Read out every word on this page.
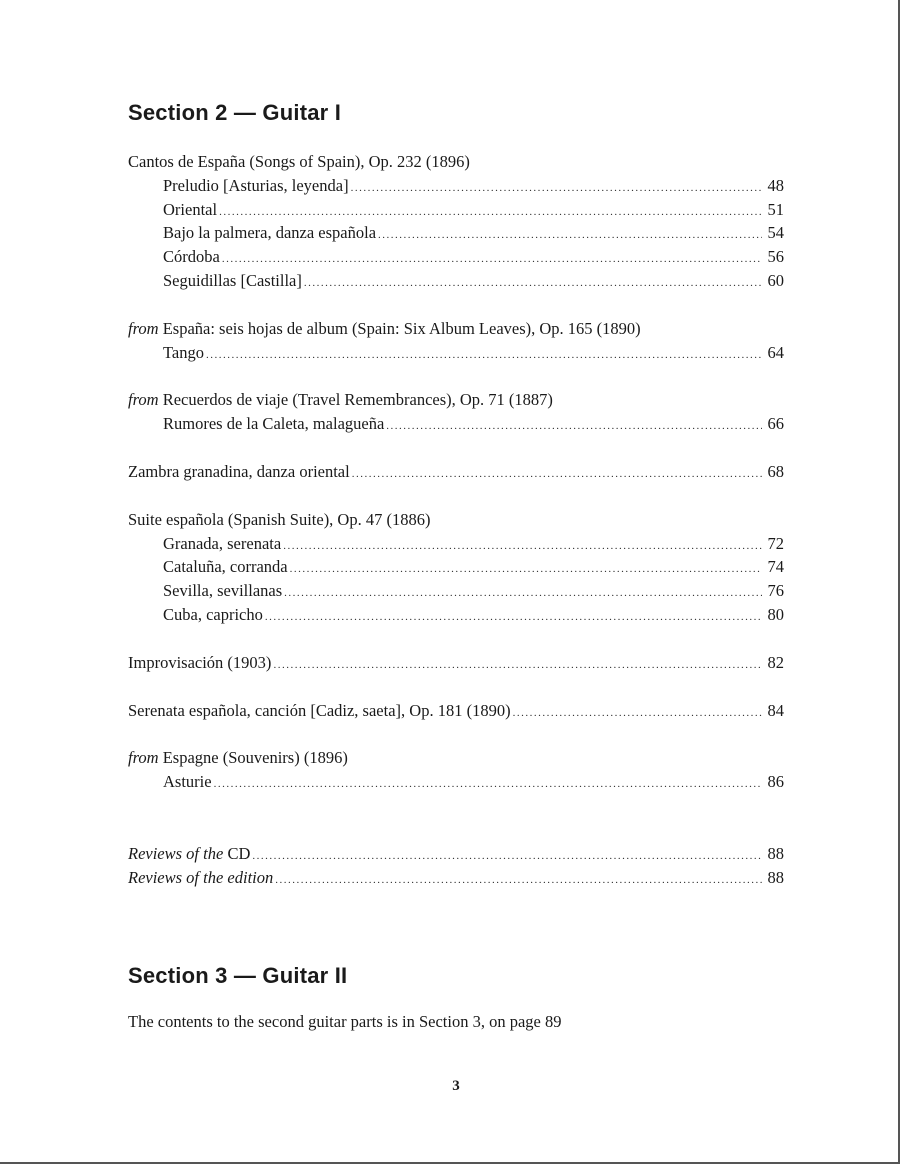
Section 2 — Guitar I
Cantos de España (Songs of Spain), Op. 232 (1896)
Preludio [Asturias, leyenda] .....	48
Oriental .....	51
Bajo la palmera, danza española .....	54
Córdoba .....	56
Seguidillas [Castilla] .....	60
from España: seis hojas de album (Spain: Six Album Leaves), Op. 165 (1890)
Tango .....	64
from Recuerdos de viaje (Travel Remembrances), Op. 71 (1887)
Rumores de la Caleta, malagueña .....	66
Zambra granadina, danza oriental .....	68
Suite española (Spanish Suite), Op. 47 (1886)
Granada, serenata .....	72
Cataluña, corranda .....	74
Sevilla, sevillanas .....	76
Cuba, capricho .....	80
Improvisación (1903) .....	82
Serenata española, canción [Cadiz, saeta], Op. 181 (1890) .....	84
from Espagne (Souvenirs) (1896)
Asturie .....	86
Reviews of the CD .....	88
Reviews of the edition .....	88
Section 3 — Guitar II

The contents to the second guitar parts is in Section 3, on page 89

3
